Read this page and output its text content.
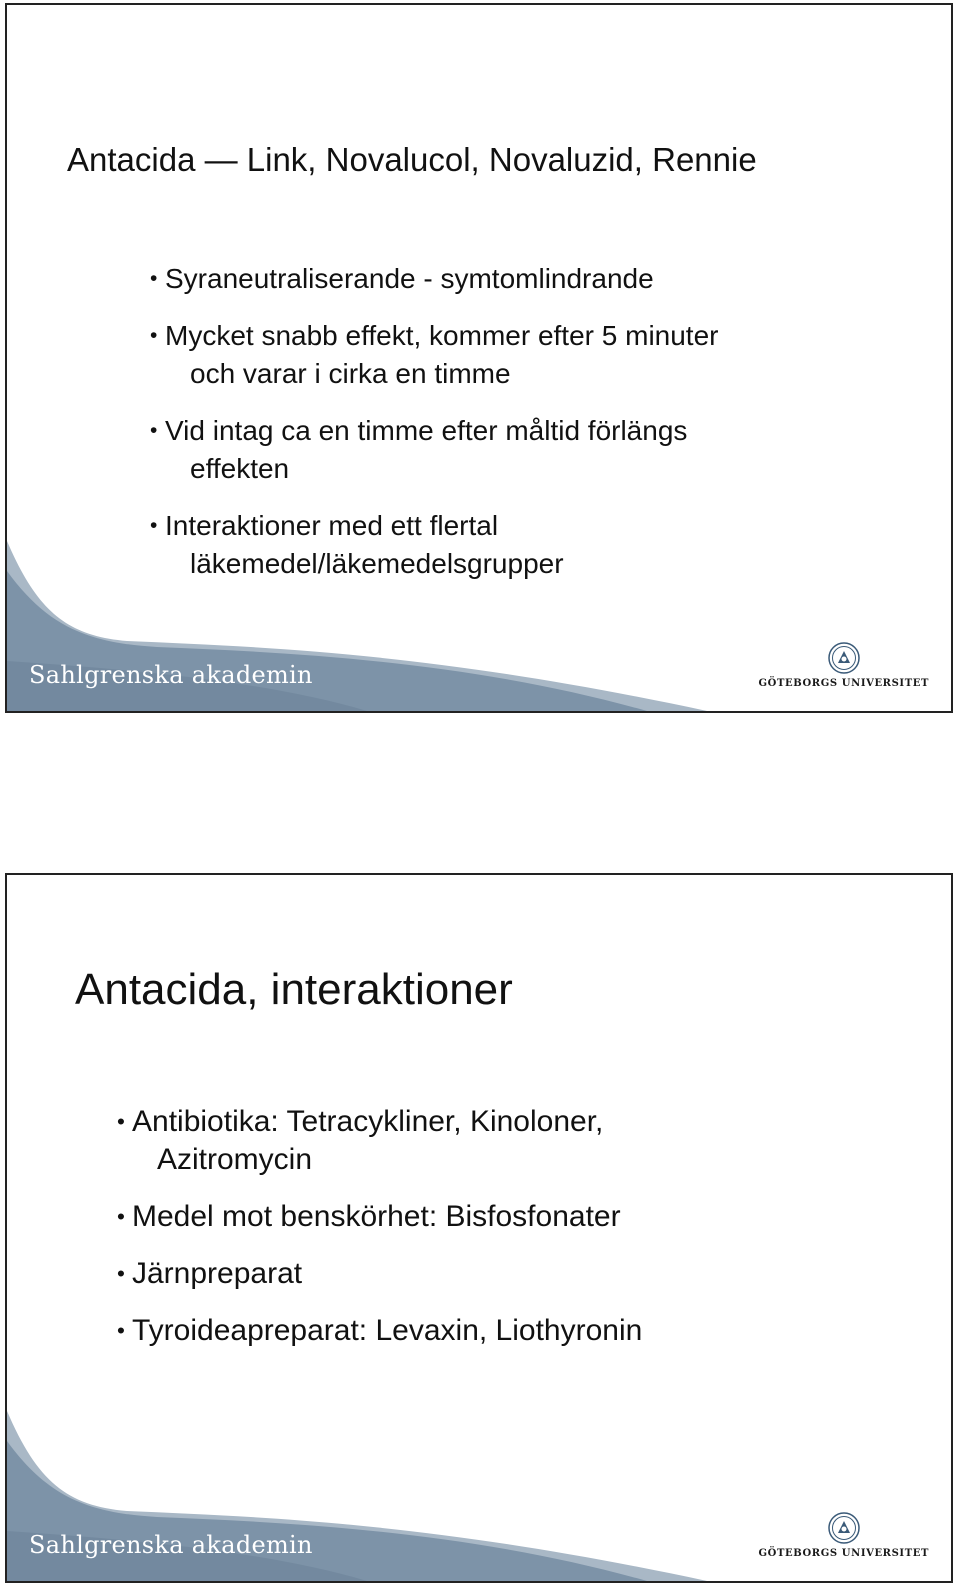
Antacida — Link, Novalucol, Novaluzid, Rennie
• Syraneutraliserande - symtomlindrande
• Mycket snabb effekt, kommer efter 5 minuter
och varar i cirka en timme
• Vid intag ca en timme efter måltid förlängs
effekten
• Interaktioner med ett flertal
läkemedel/läkemedelsgrupper
Sahlgrenska akademin	GÖTEBORGS UNIVERSITET
Antacida, interaktioner
• Antibiotika: Tetracykliner, Kinoloner,
Azitromycin
• Medel mot benskörhet: Bisfosfonater
• Järnpreparat
• Tyroideapreparat: Levaxin, Liothyronin
Sahlgrenska akademin	GÖTEBORGS UNIVERSITET
